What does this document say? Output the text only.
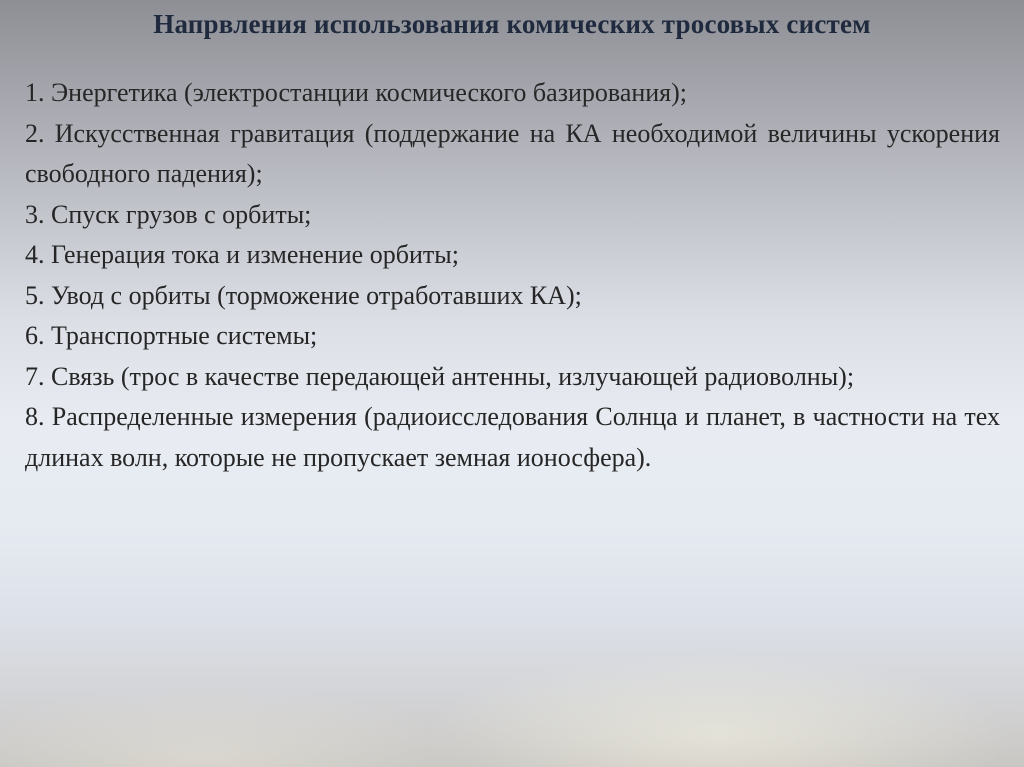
Напрвления использования комических тросовых систем

1. Энергетика (электростанции космического базирования);

2. Искусственная гравитация (поддержание на КА необходимой величины ускорения свободного падения);

3. Спуск грузов с орбиты;

4. Генерация тока и изменение орбиты;

5. Увод с орбиты (торможение отработавших КА);

6. Транспортные системы;

7. Связь (трос в качестве передающей антенны, излучающей радиоволны);

8. Распределенные измерения (радиоисследования Солнца и планет, в частности на тех длинах волн, которые не пропускает земная ионосфера).
